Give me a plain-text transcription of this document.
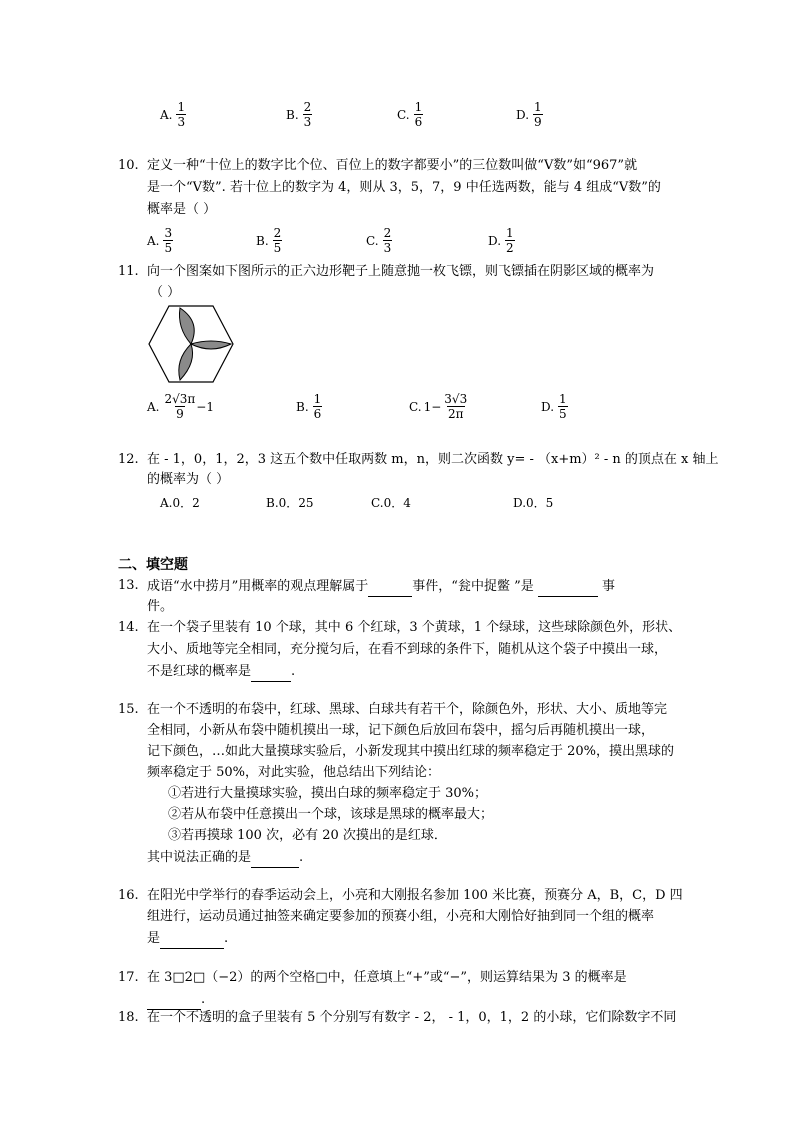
A. $\frac{1}{3}$	B. $\frac{2}{3}$	C. $\frac{1}{6}$	D. $\frac{1}{9}$
10. 定义一种“十位上的数字比个位、百位上的数字都要小”的三位数叫做“V数”如“967”就
是一个“V数”. 若十位上的数字为 4，则从 3，5，7，9 中任选两数，能与 4 组成“V数”的
概率是（ ）
A. $\frac{3}{5}$	B. $\frac{2}{5}$	C. $\frac{2}{3}$	D. $\frac{1}{2}$
11. 向一个图案如下图所示的正六边形靶子上随意抛一枚飞镖，则飞镖插在阴影区域的概率为
（ ）
A. $\frac{2√3\pi}{9} -1$	B. $\frac{1}{6}$	C. $1- \frac{3√3}{2\pi}$	D. $\frac{1}{5}$
12. 在 - 1，0，1，2，3 这五个数中任取两数 m，n，则二次函数 y= - （x+m）² - n 的顶点在 x 轴上
的概率为（ ）
A.0．2	B.0．25	C.0．4	D.0．5
二、填空题
13. 成语“水中捞月”用概率的观点理解属于	事件，“瓮中捉鳖 ”是	事
件。
14. 在一个袋子里装有 10 个球，其中 6 个红球，3 个黄球，1 个绿球，这些球除颜色外，形状、
大小、质地等完全相同，充分搅匀后，在看不到球的条件下，随机从这个袋子中摸出一球，
不是红球的概率是	.
15. 在一个不透明的布袋中，红球、黑球、白球共有若干个，除颜色外，形状、大小、质地等完
全相同，小新从布袋中随机摸出一球，记下颜色后放回布袋中，摇匀后再随机摸出一球，
记下颜色，…如此大量摸球实验后，小新发现其中摸出红球的频率稳定于 20%，摸出黑球的
频率稳定于 50%，对此实验，他总结出下列结论：
①若进行大量摸球实验，摸出白球的频率稳定于 30%；
②若从布袋中任意摸出一个球，该球是黑球的概率最大；
③若再摸球 100 次，必有 20 次摸出的是红球．
其中说法正确的是	.
16. 在阳光中学举行的春季运动会上，小亮和大刚报名参加 100 米比赛，预赛分 A，B，C，D 四
组进行，运动员通过抽签来确定要参加的预赛小组，小亮和大刚恰好抽到同一个组的概率
是	.
17. 在 3□2□（−2）的两个空格□中，任意填上“+”或“−”，则运算结果为 3 的概率是
.
18. 在一个不透明的盒子里装有 5 个分别写有数字 - 2， - 1，0，1，2 的小球，它们除数字不同
